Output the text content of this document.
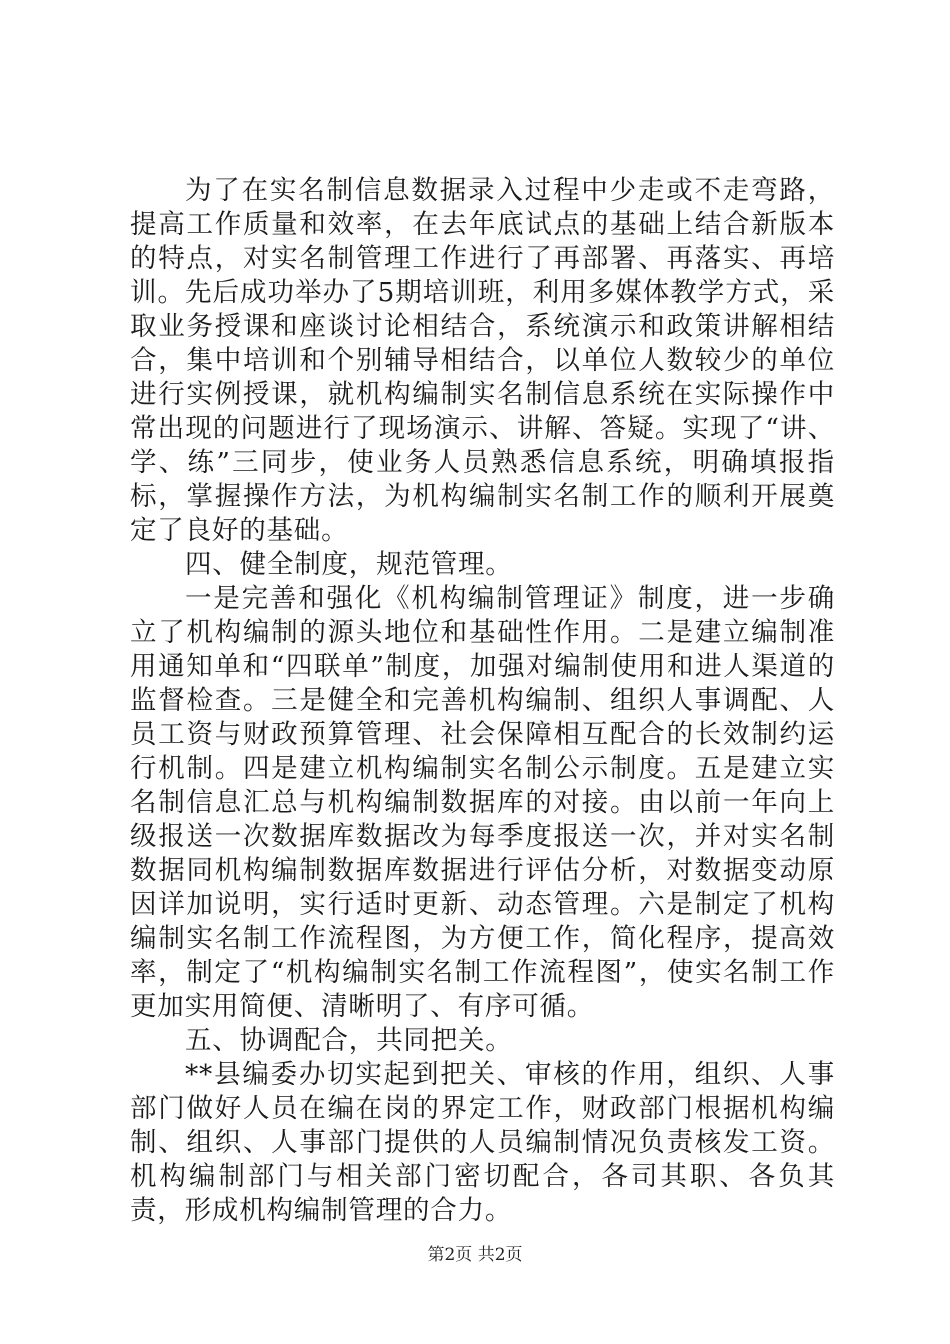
为了在实名制信息数据录入过程中少走或不走弯路，提高工作质量和效率，在去年底试点的基础上结合新版本的特点，对实名制管理工作进行了再部署、再落实、再培训。先后成功举办了5期培训班，利用多媒体教学方式，采取业务授课和座谈讨论相结合，系统演示和政策讲解相结合，集中培训和个别辅导相结合，以单位人数较少的单位进行实例授课，就机构编制实名制信息系统在实际操作中常出现的问题进行了现场演示、讲解、答疑。实现了“讲、学、练”三同步，使业务人员熟悉信息系统，明确填报指标，掌握操作方法，为机构编制实名制工作的顺利开展奠定了良好的基础。

四、健全制度，规范管理。

一是完善和强化《机构编制管理证》制度，进一步确立了机构编制的源头地位和基础性作用。二是建立编制准用通知单和“四联单”制度，加强对编制使用和进人渠道的监督检查。三是健全和完善机构编制、组织人事调配、人员工资与财政预算管理、社会保障相互配合的长效制约运行机制。四是建立机构编制实名制公示制度。五是建立实名制信息汇总与机构编制数据库的对接。由以前一年向上级报送一次数据库数据改为每季度报送一次，并对实名制数据同机构编制数据库数据进行评估分析，对数据变动原因详加说明，实行适时更新、动态管理。六是制定了机构编制实名制工作流程图，为方便工作，简化程序，提高效率，制定了“机构编制实名制工作流程图”，使实名制工作更加实用简便、清晰明了、有序可循。

五、协调配合，共同把关。

**县编委办切实起到把关、审核的作用，组织、人事部门做好人员在编在岗的界定工作，财政部门根据机构编制、组织、人事部门提供的人员编制情况负责核发工资。机构编制部门与相关部门密切配合，各司其职、各负其责，形成机构编制管理的合力。

第2页 共2页
